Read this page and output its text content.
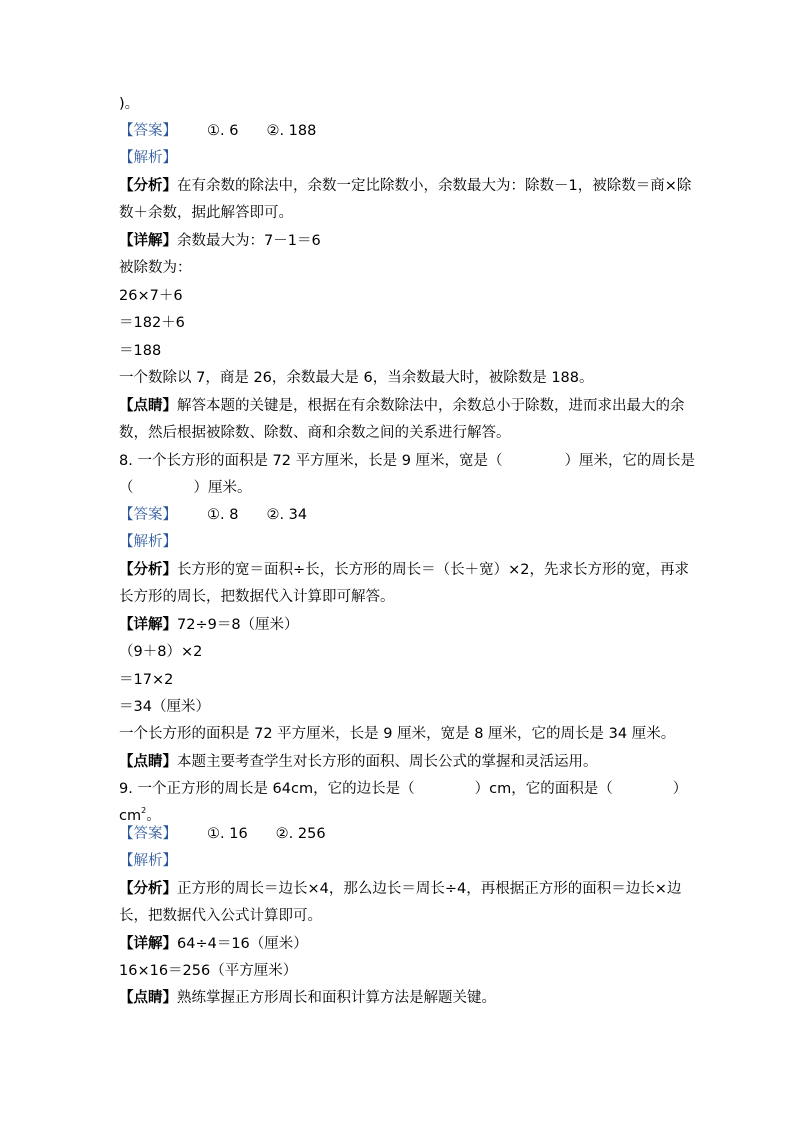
)。
【答案】 ①. 6 ②. 188
【解析】
【分析】在有余数的除法中，余数一定比除数小，余数最大为：除数－1，被除数＝商×除
数＋余数，据此解答即可。
【详解】余数最大为：7－1＝6
被除数为：
26×7＋6
＝182＋6
＝188
一个数除以 7，商是 26，余数最大是 6，当余数最大时，被除数是 188。
【点睛】解答本题的关键是，根据在有余数除法中，余数总小于除数，进而求出最大的余
数，然后根据被除数、除数、商和余数之间的关系进行解答。
8. 一个长方形的面积是 72 平方厘米，长是 9 厘米，宽是（	）厘米，它的周长是
（	）厘米。
【答案】 ①. 8 ②. 34
【解析】
【分析】长方形的宽＝面积÷长，长方形的周长＝（长＋宽）×2，先求长方形的宽，再求
长方形的周长，把数据代入计算即可解答。
【详解】72÷9＝8（厘米）
（9＋8）×2
＝17×2
＝34（厘米）
一个长方形的面积是 72 平方厘米，长是 9 厘米，宽是 8 厘米，它的周长是 34 厘米。
【点睛】本题主要考查学生对长方形的面积、周长公式的掌握和灵活运用。
9. 一个正方形的周长是 64cm，它的边长是（	）cm，它的面积是（	）
$cm^2$。
【答案】 ①. 16 ②. 256
【解析】
【分析】正方形的周长＝边长×4，那么边长＝周长÷4，再根据正方形的面积＝边长×边
长，把数据代入公式计算即可。
【详解】64÷4＝16（厘米）
16×16＝256（平方厘米）
【点睛】熟练掌握正方形周长和面积计算方法是解题关键。
